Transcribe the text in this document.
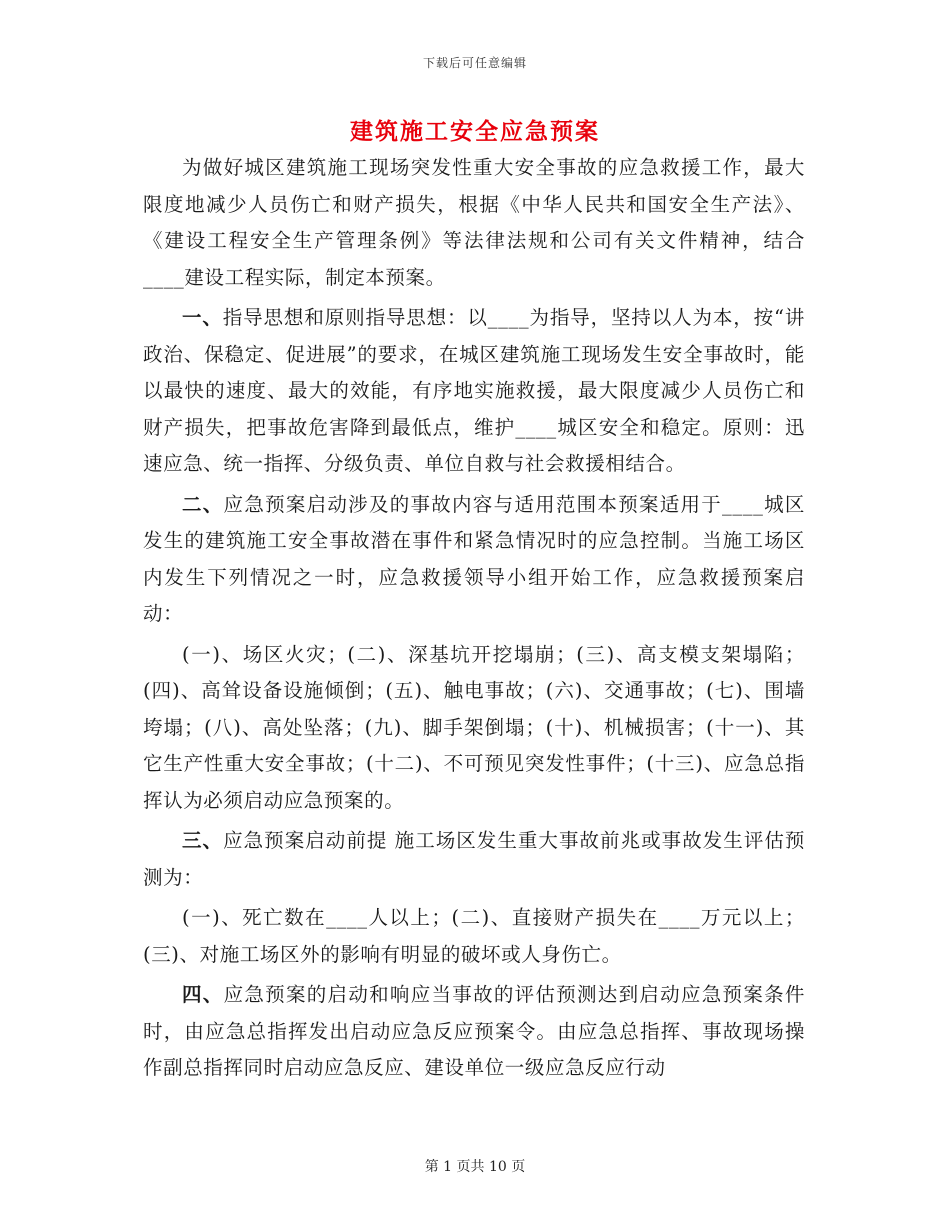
下载后可任意编辑
建筑施工安全应急预案

为做好城区建筑施工现场突发性重大安全事故的应急救援工作，最大限度地减少人员伤亡和财产损失，根据《中华人民共和国安全生产法》、《建设工程安全生产管理条例》等法律法规和公司有关文件精神，结合____建设工程实际，制定本预案。

一、指导思想和原则指导思想：以____为指导，坚持以人为本，按“讲政治、保稳定、促进展”的要求，在城区建筑施工现场发生安全事故时，能以最快的速度、最大的效能，有序地实施救援，最大限度减少人员伤亡和财产损失，把事故危害降到最低点，维护____城区安全和稳定。原则：迅速应急、统一指挥、分级负责、单位自救与社会救援相结合。

二、应急预案启动涉及的事故内容与适用范围本预案适用于____城区发生的建筑施工安全事故潜在事件和紧急情况时的应急控制。当施工场区内发生下列情况之一时，应急救援领导小组开始工作，应急救援预案启动：

(一)、场区火灾；(二)、深基坑开挖塌崩；(三)、高支模支架塌陷；(四)、高耸设备设施倾倒；(五)、触电事故；(六)、交通事故；(七)、围墙垮塌；(八)、高处坠落；(九)、脚手架倒塌；(十)、机械损害；(十一)、其它生产性重大安全事故；(十二)、不可预见突发性事件；(十三)、应急总指挥认为必须启动应急预案的。

三、应急预案启动前提 施工场区发生重大事故前兆或事故发生评估预测为：

(一)、死亡数在____人以上；(二)、直接财产损失在____万元以上；(三)、对施工场区外的影响有明显的破坏或人身伤亡。

四、应急预案的启动和响应当事故的评估预测达到启动应急预案条件时，由应急总指挥发出启动应急反应预案令。由应急总指挥、事故现场操作副总指挥同时启动应急反应、建设单位一级应急反应行动

第 1 页共 10 页
